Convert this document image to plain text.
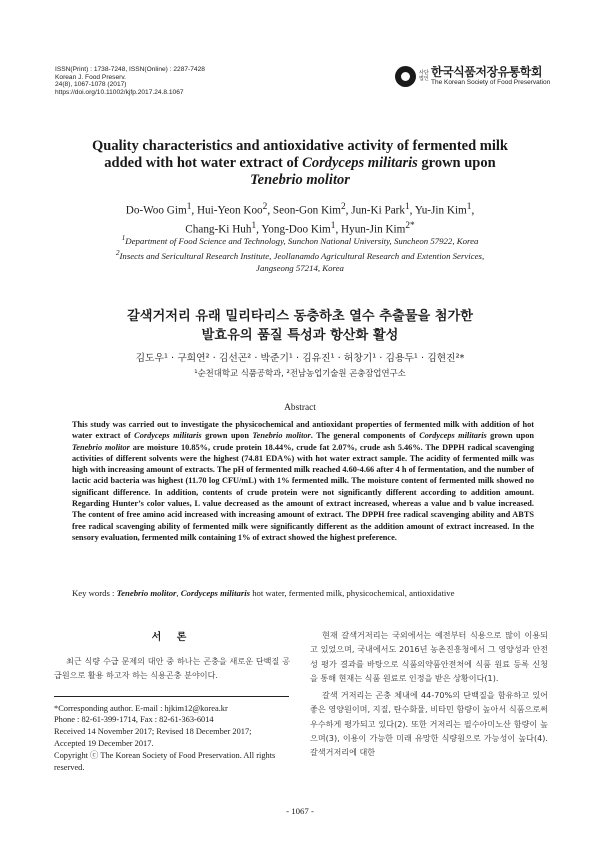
ISSN(Print) : 1738-7248, ISSN(Online) : 2287-7428
Korean J. Food Preserv.
24(8), 1067-1078 (2017)
https://doi.org/10.11002/kjfp.2017.24.8.1067
사단 법인 한국식품저장유통학회
The Korean Society of Food Preservation
Quality characteristics and antioxidative activity of fermented milk
added with hot water extract of Cordyceps militaris grown upon
Tenebrio molitor
Do-Woo Gim$^1$, Hui-Yeon Koo$^2$, Seon-Gon Kim$^2$, Jun-Ki Park$^1$, Yu-Jin Kim$^1$,
Chang-Ki Huh$^1$, Yong-Doo Kim$^1$, Hyun-Jin Kim$^{2*}$
$^1$Department of Food Science and Technology, Sunchon National University, Suncheon 57922, Korea
$^2$Insects and Sericultural Research Institute, Jeollanamdo Agricultural Research and Extention Services,
Jangseong 57214, Korea
갈색거저리 유래 밀리타리스 동충하초 열수 추출물을 첨가한
발효유의 품질 특성과 항산화 활성
김도우¹ · 구희연² · 김선곤² · 박준기¹ · 김유진¹ · 허창기¹ · 김용두¹ · 김현진²*
¹순천대학교 식품공학과, ²전남농업기술원 곤충잠업연구소
Abstract
This study was carried out to investigate the physicochemical and antioxidant properties of fermented milk with addition of hot water extract of Cordyceps militaris grown upon Tenebrio molitor. The general components of Cordyceps militaris grown upon Tenebrio molitor are moisture 10.85%, crude protein 18.44%, crude fat 2.07%, crude ash 5.46%. The DPPH radical scavenging activities of different solvents were the highest (74.81 EDA%) with hot water extract sample. The acidity of fermented milk was high with increasing amount of extracts. The pH of fermented milk reached 4.60-4.66 after 4 h of fermentation, and the number of lactic acid bacteria was highest (11.70 log CFU/mL) with 1% fermented milk. The moisture content of fermented milk showed no significant difference. In addition, contents of crude protein were not significantly different according to addition amount. Regarding Hunter’s color values, L value decreased as the amount of extract increased, whereas a value and b value increased. The content of free amino acid increased with increasing amount of extract. The DPPH free radical scavenging ability and ABTS free radical scavenging ability of fermented milk were significantly different as the addition amount of extract increased. In the sensory evaluation, fermented milk containing 1% of extract showed the highest preference.
Key words : Tenebrio molitor, Cordyceps militaris hot water, fermented milk, physicochemical, antioxidative
서 론

최근 식량 수급 문제의 대안 중 하나는 곤충을 새로운 단백질 공급원으로 활용 하고자 하는 식용곤충 분야이다.

*Corresponding author. E-mail : hjkim12@korea.kr

Phone : 82-61-399-1714, Fax : 82-61-363-6014

Received 14 November 2017; Revised 18 December 2017;

Accepted 19 December 2017.

Copyright ⓒ The Korean Society of Food Preservation. All rights reserved.

현재 갈색거저리는 국외에서는 예전부터 식용으로 많이 이용되고 있었으며, 국내에서도 2016년 농촌진흥청에서 그 영양성과 안전성 평가 결과를 바탕으로 식품의약품안전처에 식품 원료 등록 신청을 통해 현재는 식품 원료로 인정을 받은 상황이다(1).

갈색 거저리는 곤충 체내에 44-70%의 단백질을 함유하고 있어 좋은 영양원이며, 지질, 탄수화물, 비타민 함량이 높아서 식품으로써 우수하게 평가되고 있다(2). 또한 거저리는 필수아미노산 함량이 높으며(3), 이용이 가능한 미래 유망한 식량원으로 가능성이 높다(4). 갈색거저리에 대한

- 1067 -
